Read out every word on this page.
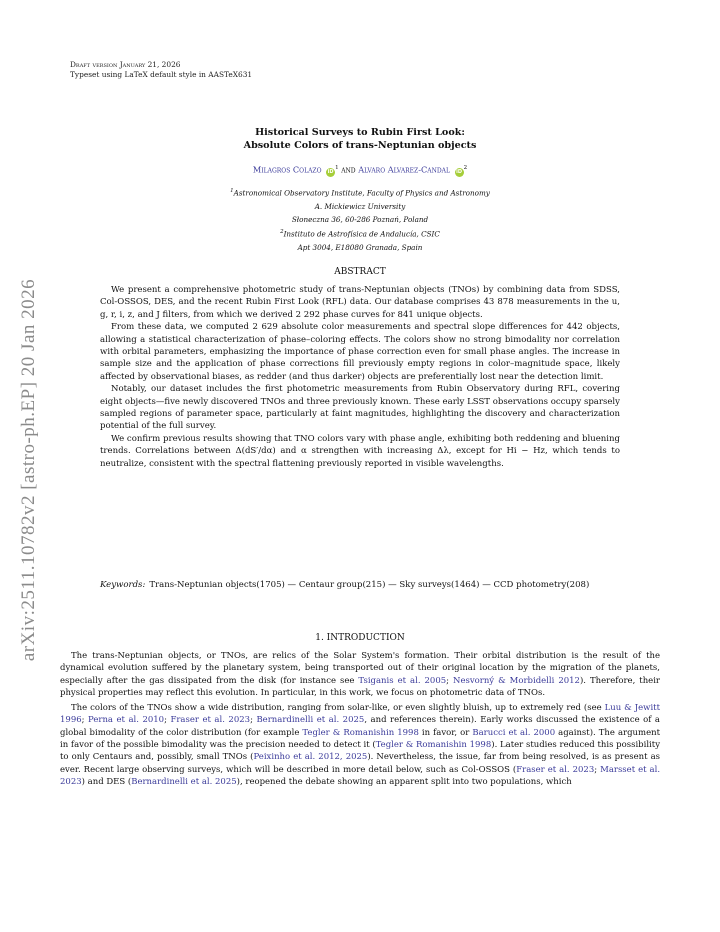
arXiv:2511.10782v2 [astro-ph.EP] 20 Jan 2026
Draft version January 21, 2026
Typeset using LaTeX default style in AASTeX631
Historical Surveys to Rubin First Look:
Absolute Colors of trans-Neptunian objects
Milagros Colazo $iD^1$ and Alvaro Alvarez-Candal $iD^2$
$^1$Astronomical Observatory Institute, Faculty of Physics and Astronomy
A. Mickiewicz University
Słoneczna 36, 60-286 Poznań, Poland
$^2$Instituto de Astrofísica de Andalucía, CSIC
Apt 3004, E18080 Granada, Spain
ABSTRACT

We present a comprehensive photometric study of trans-Neptunian objects (TNOs) by combining data from SDSS, Col-OSSOS, DES, and the recent Rubin First Look (RFL) data. Our database comprises 43 878 measurements in the u, g, r, i, z, and J filters, from which we derived 2 292 phase curves for 841 unique objects.

From these data, we computed 2 629 absolute color measurements and spectral slope differences for 442 objects, allowing a statistical characterization of phase–coloring effects. The colors show no strong bimodality nor correlation with orbital parameters, emphasizing the importance of phase correction even for small phase angles. The increase in sample size and the application of phase corrections fill previously empty regions in color–magnitude space, likely affected by observational biases, as redder (and thus darker) objects are preferentially lost near the detection limit.

Notably, our dataset includes the first photometric measurements from Rubin Observatory during RFL, covering eight objects—five newly discovered TNOs and three previously known. These early LSST observations occupy sparsely sampled regions of parameter space, particularly at faint magnitudes, highlighting the discovery and characterization potential of the full survey.

We confirm previous results showing that TNO colors vary with phase angle, exhibiting both reddening and bluening trends. Correlations between Δ(dS′/dα) and α strengthen with increasing Δλ, except for Hi − Hz, which tends to neutralize, consistent with the spectral flattening previously reported in visible wavelengths.

Keywords: Trans-Neptunian objects(1705) — Centaur group(215) — Sky surveys(1464) — CCD photometry(208)
1. INTRODUCTION

The trans-Neptunian objects, or TNOs, are relics of the Solar System's formation. Their orbital distribution is the result of the dynamical evolution suffered by the planetary system, being transported out of their original location by the migration of the planets, especially after the gas dissipated from the disk (for instance see Tsiganis et al. 2005; Nesvorný & Morbidelli 2012). Therefore, their physical properties may reflect this evolution. In particular, in this work, we focus on photometric data of TNOs.

The colors of the TNOs show a wide distribution, ranging from solar-like, or even slightly bluish, up to extremely red (see Luu & Jewitt 1996; Perna et al. 2010; Fraser et al. 2023; Bernardinelli et al. 2025, and references therein). Early works discussed the existence of a global bimodality of the color distribution (for example Tegler & Romanishin 1998 in favor, or Barucci et al. 2000 against). The argument in favor of the possible bimodality was the precision needed to detect it (Tegler & Romanishin 1998). Later studies reduced this possibility to only Centaurs and, possibly, small TNOs (Peixinho et al. 2012, 2025). Nevertheless, the issue, far from being resolved, is as present as ever. Recent large observing surveys, which will be described in more detail below, such as Col-OSSOS (Fraser et al. 2023; Marsset et al. 2023) and DES (Bernardinelli et al. 2025), reopened the debate showing an apparent split into two populations, which
